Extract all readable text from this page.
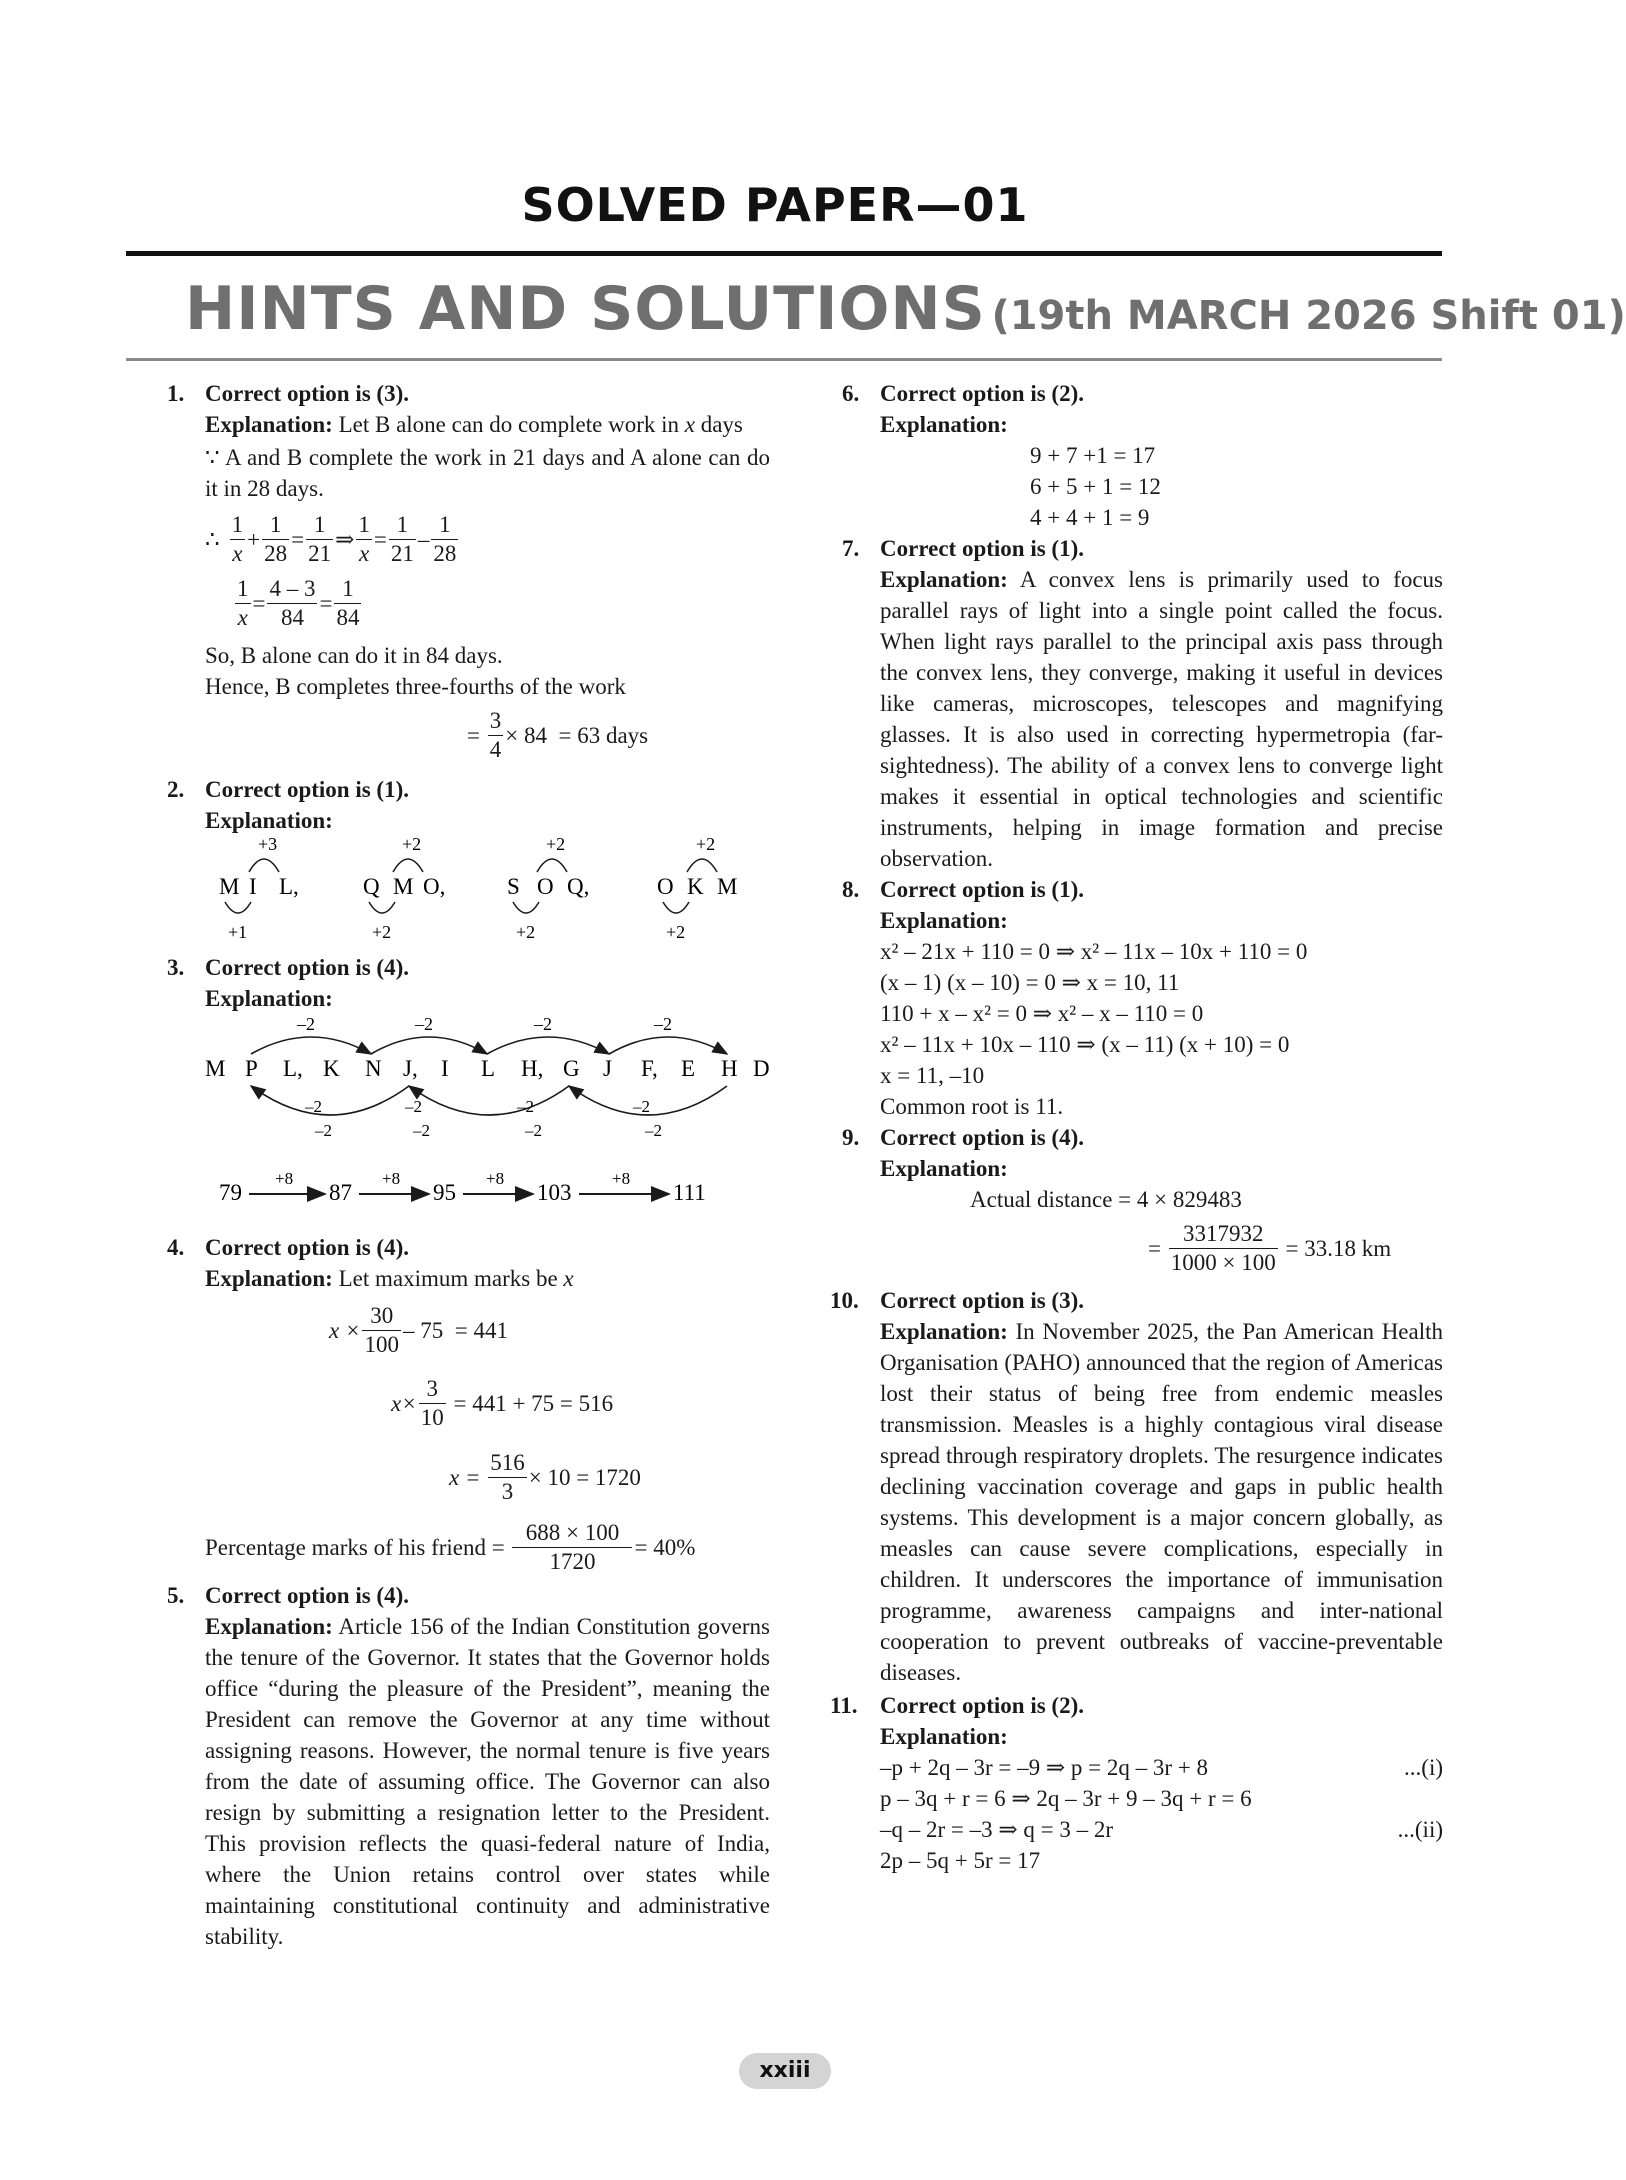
SOLVED PAPER—01
HINTS AND SOLUTIONS (19th MARCH 2026 Shift 01)
1. Correct option is (3).

Explanation: Let B alone can do complete work in x days

∵ A and B complete the work in 21 days and A alone can do it in 28 days.

∴ $\frac{1}{x} + \frac{1}{28} = \frac{1}{21}$ ⇒ $\frac{1}{x} = \frac{1}{21} - \frac{1}{28}$
$\frac{1}{x} = \frac{4 - 3}{84} = \frac{1}{84}$

So, B alone can do it in 84 days.

Hence, B completes three-fourths of the work

= $\frac{3}{4} \times 84$
= 63 days
2. Correct option is (1).

Explanation:

M I L,
+3
+1
Q M O,
+2
+2
S O Q,
+2
+2
O K M
+2
+2
3. Correct option is (4).

Explanation:

M P L, K N J, I L H, G J F, E H D
–2	–2	–2	–2
–2
–2
–2
–2
–2
–2
–2
–2
79	87	95	103	111
+8	+8	+8	+8
4. Correct option is (4).

Explanation: Let maximum marks be x

$x \times \frac{30}{100} - 75$
= 441
$x\times \frac{3}{10}$
= 441 + 75 = 516
x =
$\frac{516}{3} \times 10 = 1720$
Percentage marks of his friend =
$\frac{688 \times 100}{1720} = 40\%$
5. Correct option is (4).

Explanation: Article 156 of the Indian Constitution governs the tenure of the Governor. It states that the Governor holds office “during the pleasure of the President”, meaning the President can remove the Governor at any time without assigning reasons. However, the normal tenure is five years from the date of assuming office. The Governor can also resign by submitting a resignation letter to the President. This provision reflects the quasi-federal nature of India, where the Union retains control over states while maintaining constitutional continuity and administrative stability.

6. Correct option is (2).

Explanation:

9 + 7 +1 = 17

6 + 5 + 1 = 12

4 + 4 + 1 = 9

7. Correct option is (1).

Explanation: A convex lens is primarily used to focus parallel rays of light into a single point called the focus. When light rays parallel to the principal axis pass through the convex lens, they converge, making it useful in devices like cameras, microscopes, telescopes and magnifying glasses. It is also used in correcting hypermetropia (far-sightedness). The ability of a convex lens to converge light makes it essential in optical technologies and scientific instruments, helping in image formation and precise observation.

8. Correct option is (1).

Explanation:

x² – 21x + 110 = 0 ⇒ x² – 11x – 10x + 110 = 0

(x – 1) (x – 10) = 0 ⇒ x = 10, 11

110 + x – x² = 0 ⇒ x² – x – 110 = 0

x² – 11x + 10x – 110 ⇒ (x – 11) (x + 10) = 0

x = 11, –10

Common root is 11.

9. Correct option is (4).

Explanation:

Actual distance = 4 × 829483

=
$\frac{3317932}{1000 \times 100}$
= 33.18 km
10. Correct option is (3).

Explanation: In November 2025, the Pan American Health Organisation (PAHO) announced that the region of Americas lost their status of being free from endemic measles transmission. Measles is a highly contagious viral disease spread through respiratory droplets. The resurgence indicates declining vaccination coverage and gaps in public health systems. This development is a major concern globally, as measles can cause severe complications, especially in children. It underscores the importance of immunisation programme, awareness campaigns and inter-national cooperation to prevent outbreaks of vaccine-preventable diseases.

11. Correct option is (2).

Explanation:

–p + 2q – 3r = –9 ⇒ p = 2q – 3r + 8	...(i)
p – 3q + r = 6 ⇒ 2q – 3r + 9 – 3q + r = 6
–q – 2r = –3 ⇒ q = 3 – 2r	...(ii)
2p – 5q + 5r = 17
xxiii
